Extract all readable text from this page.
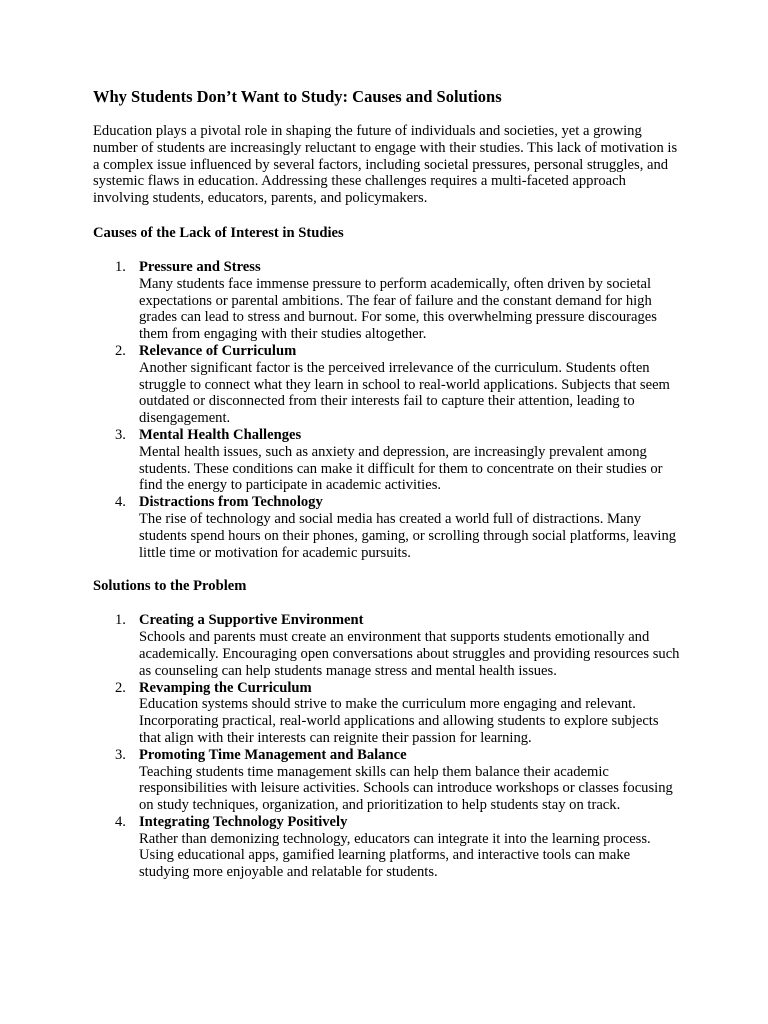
Why Students Don’t Want to Study: Causes and Solutions

Education plays a pivotal role in shaping the future of individuals and societies, yet a growing number of students are increasingly reluctant to engage with their studies. This lack of motivation is a complex issue influenced by several factors, including societal pressures, personal struggles, and systemic flaws in education. Addressing these challenges requires a multi-faceted approach involving students, educators, parents, and policymakers.

Causes of the Lack of Interest in Studies
1. Pressure and Stress
Many students face immense pressure to perform academically, often driven by societal expectations or parental ambitions. The fear of failure and the constant demand for high grades can lead to stress and burnout. For some, this overwhelming pressure discourages them from engaging with their studies altogether.
2. Relevance of Curriculum
Another significant factor is the perceived irrelevance of the curriculum. Students often struggle to connect what they learn in school to real-world applications. Subjects that seem outdated or disconnected from their interests fail to capture their attention, leading to disengagement.
3. Mental Health Challenges
Mental health issues, such as anxiety and depression, are increasingly prevalent among students. These conditions can make it difficult for them to concentrate on their studies or find the energy to participate in academic activities.
4. Distractions from Technology
The rise of technology and social media has created a world full of distractions. Many students spend hours on their phones, gaming, or scrolling through social platforms, leaving little time or motivation for academic pursuits.
Solutions to the Problem
1. Creating a Supportive Environment
Schools and parents must create an environment that supports students emotionally and academically. Encouraging open conversations about struggles and providing resources such as counseling can help students manage stress and mental health issues.
2. Revamping the Curriculum
Education systems should strive to make the curriculum more engaging and relevant. Incorporating practical, real-world applications and allowing students to explore subjects that align with their interests can reignite their passion for learning.
3. Promoting Time Management and Balance
Teaching students time management skills can help them balance their academic responsibilities with leisure activities. Schools can introduce workshops or classes focusing on study techniques, organization, and prioritization to help students stay on track.
4. Integrating Technology Positively
Rather than demonizing technology, educators can integrate it into the learning process. Using educational apps, gamified learning platforms, and interactive tools can make studying more enjoyable and relatable for students.
